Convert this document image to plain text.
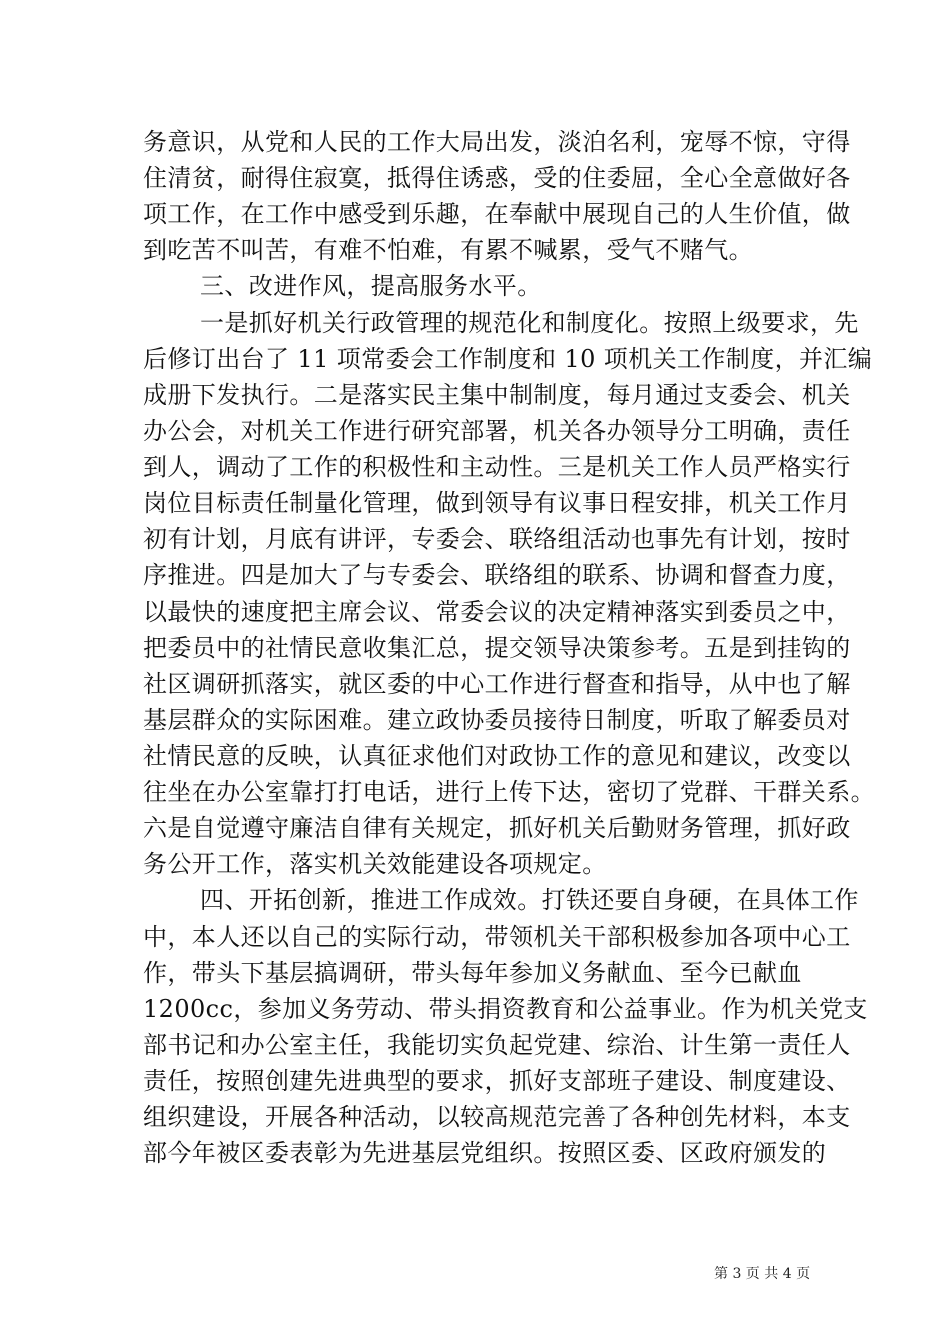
务意识，从党和人民的工作大局出发，淡泊名利，宠辱不惊，守得
住清贫，耐得住寂寞，抵得住诱惑，受的住委屈，全心全意做好各
项工作，在工作中感受到乐趣，在奉献中展现自己的人生价值，做
到吃苦不叫苦，有难不怕难，有累不喊累，受气不赌气。
三、改进作风，提高服务水平。
一是抓好机关行政管理的规范化和制度化。按照上级要求，先
后修订出台了 11 项常委会工作制度和 10 项机关工作制度，并汇编
成册下发执行。二是落实民主集中制制度，每月通过支委会、机关
办公会，对机关工作进行研究部署，机关各办领导分工明确，责任
到人，调动了工作的积极性和主动性。三是机关工作人员严格实行
岗位目标责任制量化管理，做到领导有议事日程安排，机关工作月
初有计划，月底有讲评，专委会、联络组活动也事先有计划，按时
序推进。四是加大了与专委会、联络组的联系、协调和督查力度，
以最快的速度把主席会议、常委会议的决定精神落实到委员之中，
把委员中的社情民意收集汇总，提交领导决策参考。五是到挂钩的
社区调研抓落实，就区委的中心工作进行督查和指导，从中也了解
基层群众的实际困难。建立政协委员接待日制度，听取了解委员对
社情民意的反映，认真征求他们对政协工作的意见和建议，改变以
往坐在办公室靠打打电话，进行上传下达，密切了党群、干群关系。
六是自觉遵守廉洁自律有关规定，抓好机关后勤财务管理，抓好政
务公开工作，落实机关效能建设各项规定。
四、开拓创新，推进工作成效。打铁还要自身硬，在具体工作
中，本人还以自己的实际行动，带领机关干部积极参加各项中心工
作，带头下基层搞调研，带头每年参加义务献血、至今已献血
1200cc，参加义务劳动、带头捐资教育和公益事业。作为机关党支
部书记和办公室主任，我能切实负起党建、综治、计生第一责任人
责任，按照创建先进典型的要求，抓好支部班子建设、制度建设、
组织建设，开展各种活动，以较高规范完善了各种创先材料，本支
部今年被区委表彰为先进基层党组织。按照区委、区政府颁发的
第 3 页 共 4 页
